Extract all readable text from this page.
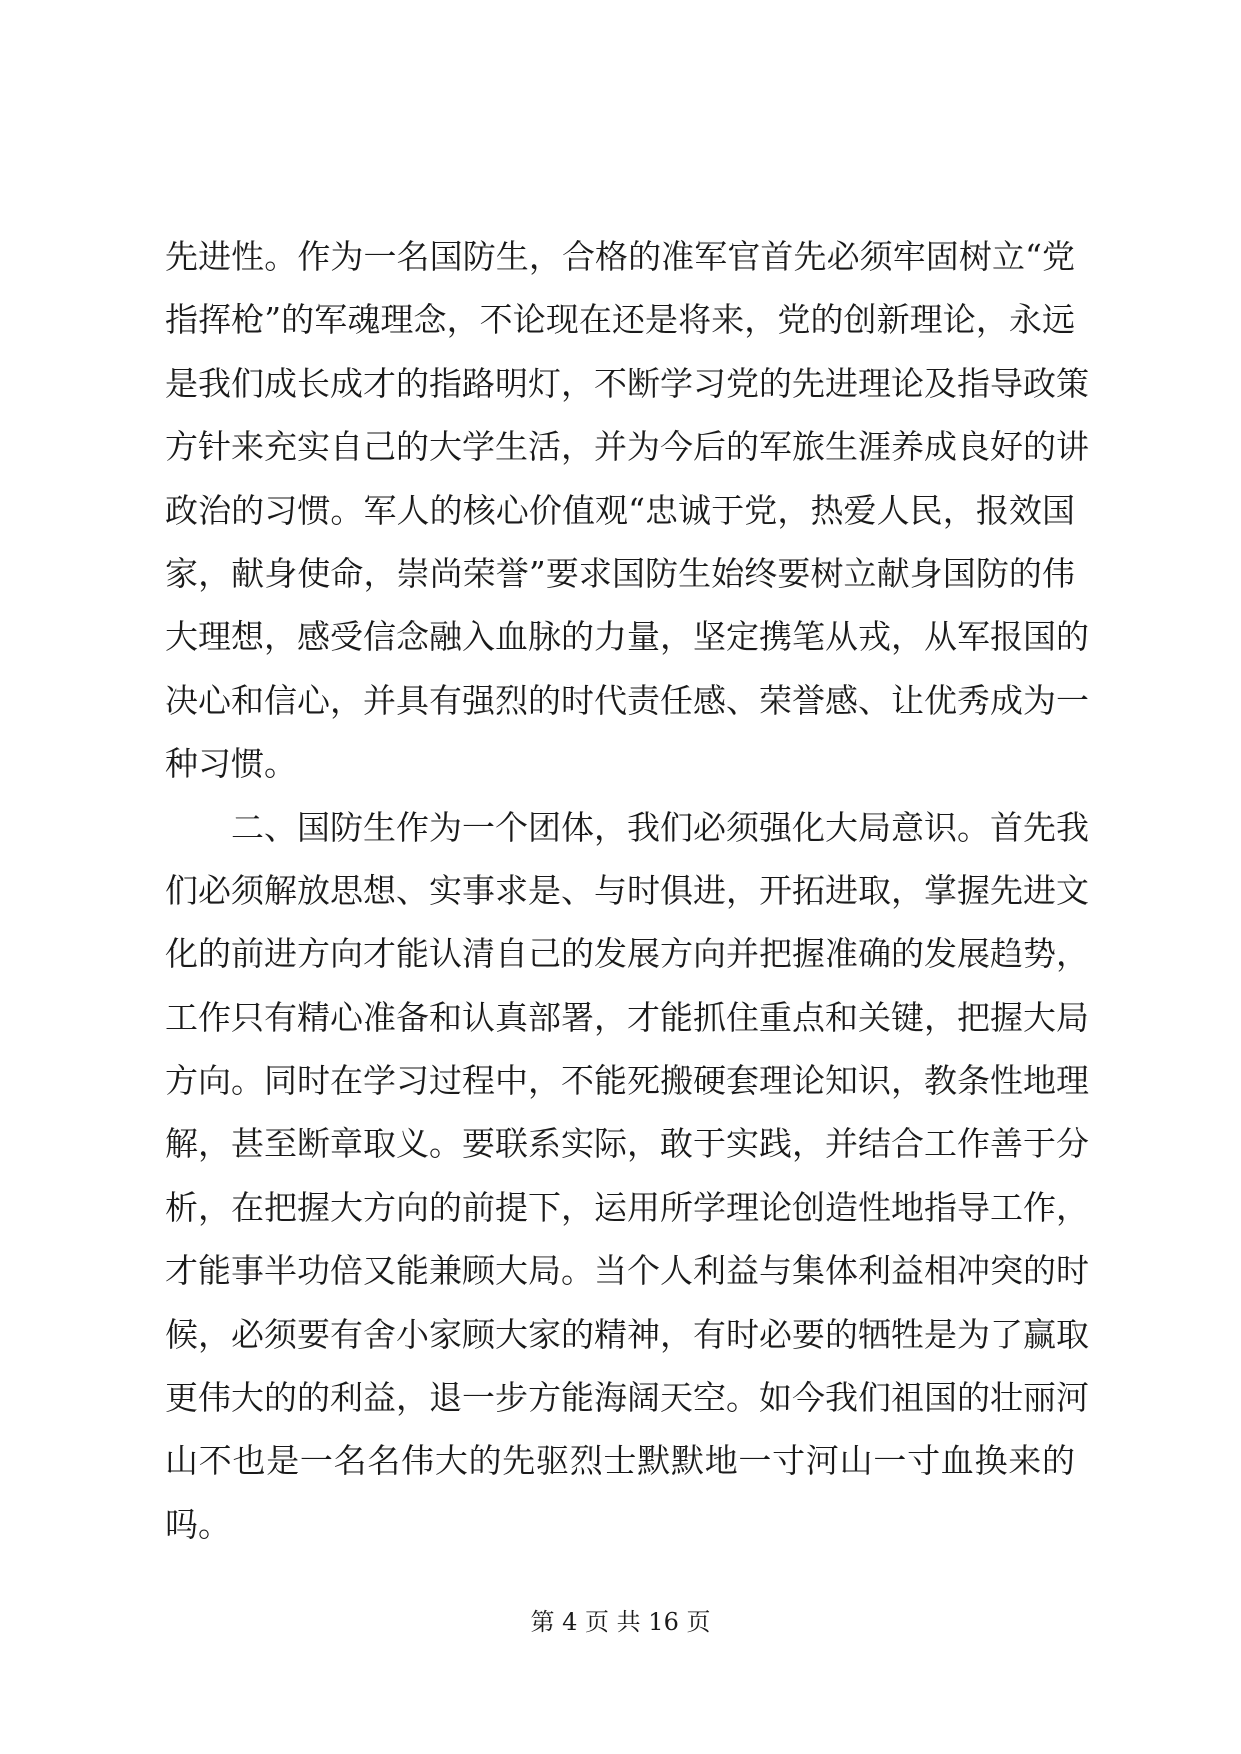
先进性。作为一名国防生，合格的准军官首先必须牢固树立“党
指挥枪”的军魂理念，不论现在还是将来，党的创新理论，永远
是我们成长成才的指路明灯，不断学习党的先进理论及指导政策
方针来充实自己的大学生活，并为今后的军旅生涯养成良好的讲
政治的习惯。军人的核心价值观“忠诚于党，热爱人民，报效国
家，献身使命，崇尚荣誉”要求国防生始终要树立献身国防的伟
大理想，感受信念融入血脉的力量，坚定携笔从戎，从军报国的
决心和信心，并具有强烈的时代责任感、荣誉感、让优秀成为一
种习惯。
二、国防生作为一个团体，我们必须强化大局意识。首先我
们必须解放思想、实事求是、与时俱进，开拓进取，掌握先进文
化的前进方向才能认清自己的发展方向并把握准确的发展趋势，
工作只有精心准备和认真部署，才能抓住重点和关键，把握大局
方向。同时在学习过程中，不能死搬硬套理论知识，教条性地理
解，甚至断章取义。要联系实际，敢于实践，并结合工作善于分
析，在把握大方向的前提下，运用所学理论创造性地指导工作，
才能事半功倍又能兼顾大局。当个人利益与集体利益相冲突的时
候，必须要有舍小家顾大家的精神，有时必要的牺牲是为了赢取
更伟大的的利益，退一步方能海阔天空。如今我们祖国的壮丽河
山不也是一名名伟大的先驱烈士默默地一寸河山一寸血换来的
吗。
第 4 页 共 16 页
